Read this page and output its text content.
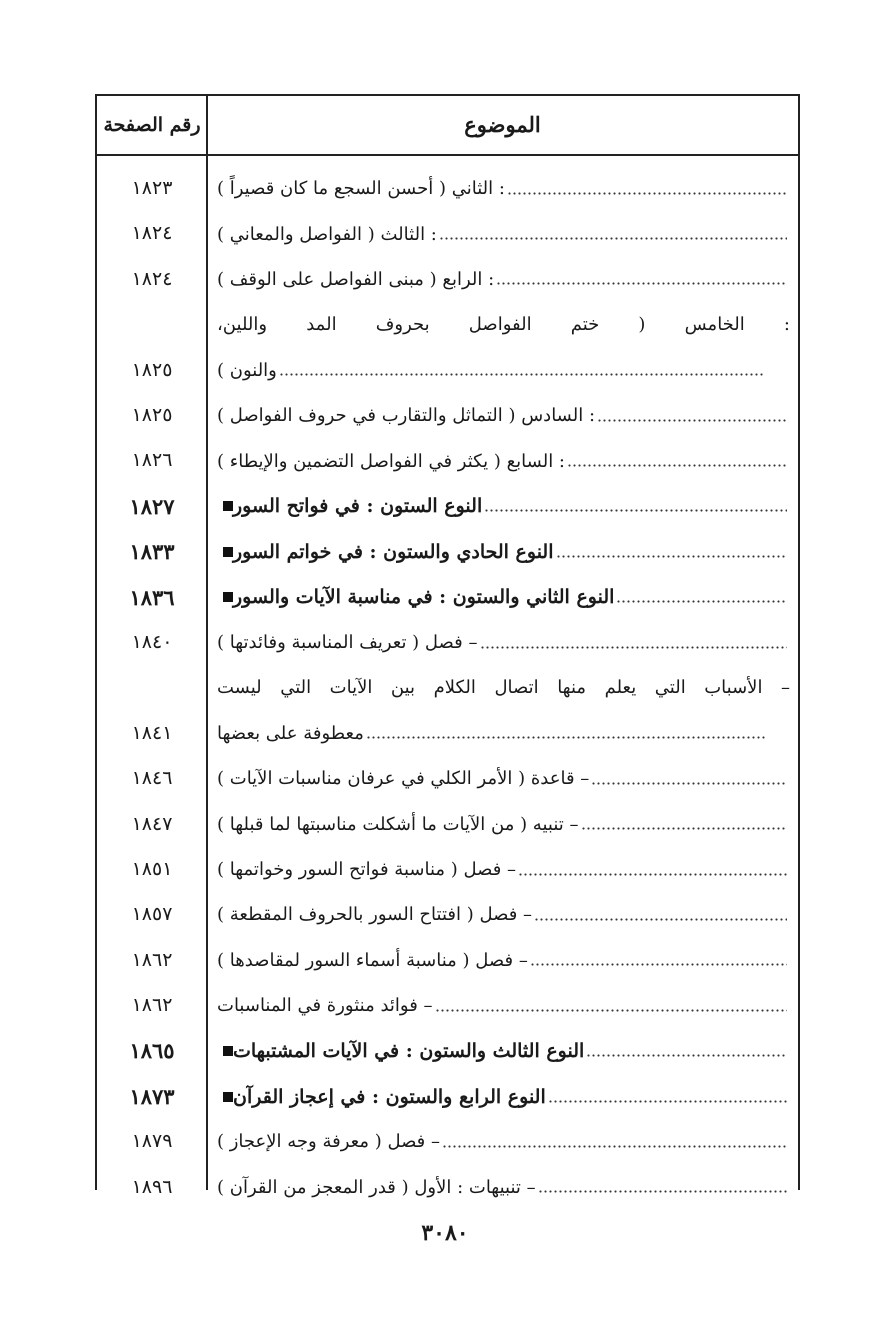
الموضوع
رقم الصفحة
: الثاني ( أحسن السجع ما كان قصيراً )
١٨٢٣
: الثالث ( الفواصل والمعاني )
١٨٢٤
: الرابع ( مبنى الفواصل على الوقف )
١٨٢٤
: الخامس ( ختم الفواصل بحروف المد واللين،
والنون )
١٨٢٥
: السادس ( التماثل والتقارب في حروف الفواصل )
١٨٢٥
: السابع ( يكثر في الفواصل التضمين والإيطاء )
١٨٢٦
النوع الستون : في فواتح السور
١٨٢٧
النوع الحادي والستون : في خواتم السور
١٨٣٣
النوع الثاني والستون : في مناسبة الآيات والسور
١٨٣٦
– فصل ( تعريف المناسبة وفائدتها )
١٨٤٠
– الأسباب التي يعلم منها اتصال الكلام بين الآيات التي ليست
معطوفة على بعضها
١٨٤١
– قاعدة ( الأمر الكلي في عرفان مناسبات الآيات )
١٨٤٦
– تنبيه ( من الآيات ما أشكلت مناسبتها لما قبلها )
١٨٤٧
– فصل ( مناسبة فواتح السور وخواتمها )
١٨٥١
– فصل ( افتتاح السور بالحروف المقطعة )
١٨٥٧
– فصل ( مناسبة أسماء السور لمقاصدها )
١٨٦٢
– فوائد منثورة في المناسبات
١٨٦٢
النوع الثالث والستون : في الآيات المشتبهات
١٨٦٥
النوع الرابع والستون : في إعجاز القرآن
١٨٧٣
– فصل ( معرفة وجه الإعجاز )
١٨٧٩
– تنبيهات : الأول ( قدر المعجز من القرآن )
١٨٩٦
٣٠٨٠
